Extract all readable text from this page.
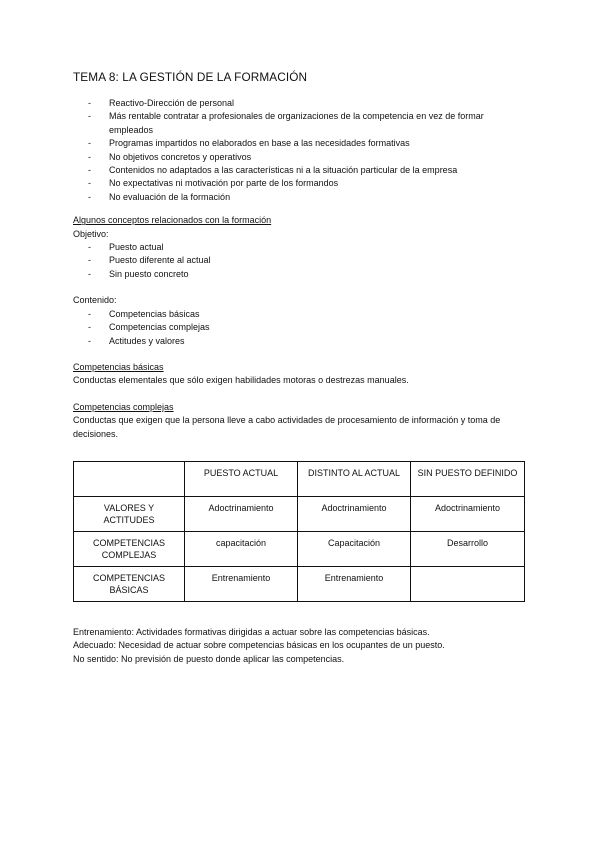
TEMA 8: LA GESTIÓN DE LA FORMACIÓN
- Reactivo-Dirección de personal
- Más rentable contratar a profesionales de organizaciones de la competencia en vez de formar empleados
- Programas impartidos no elaborados en base a las necesidades formativas
- No objetivos concretos y operativos
- Contenidos no adaptados a las características ni a la situación particular de la empresa
- No expectativas ni motivación por parte de los formandos
- No evaluación de la formación
Algunos conceptos relacionados con la formación
Objetivo:
- Puesto actual
- Puesto diferente al actual
- Sin puesto concreto
Contenido:
- Competencias básicas
- Competencias complejas
- Actitudes y valores
Competencias básicas
Conductas elementales que sólo exigen habilidades motoras o destrezas manuales.
Competencias complejas
Conductas que exigen que la persona lleve a cabo actividades de procesamiento de información y toma de decisiones.
	PUESTO ACTUAL	DISTINTO AL ACTUAL	SIN PUESTO DEFINIDO
VALORES Y ACTITUDES	Adoctrinamiento	Adoctrinamiento	Adoctrinamiento
COMPETENCIAS COMPLEJAS	capacitación	Capacitación	Desarrollo
COMPETENCIAS BÁSICAS	Entrenamiento	Entrenamiento	
Entrenamiento: Actividades formativas dirigidas a actuar sobre las competencias básicas.
Adecuado: Necesidad de actuar sobre competencias básicas en los ocupantes de un puesto.
No sentido: No previsión de puesto donde aplicar las competencias.
